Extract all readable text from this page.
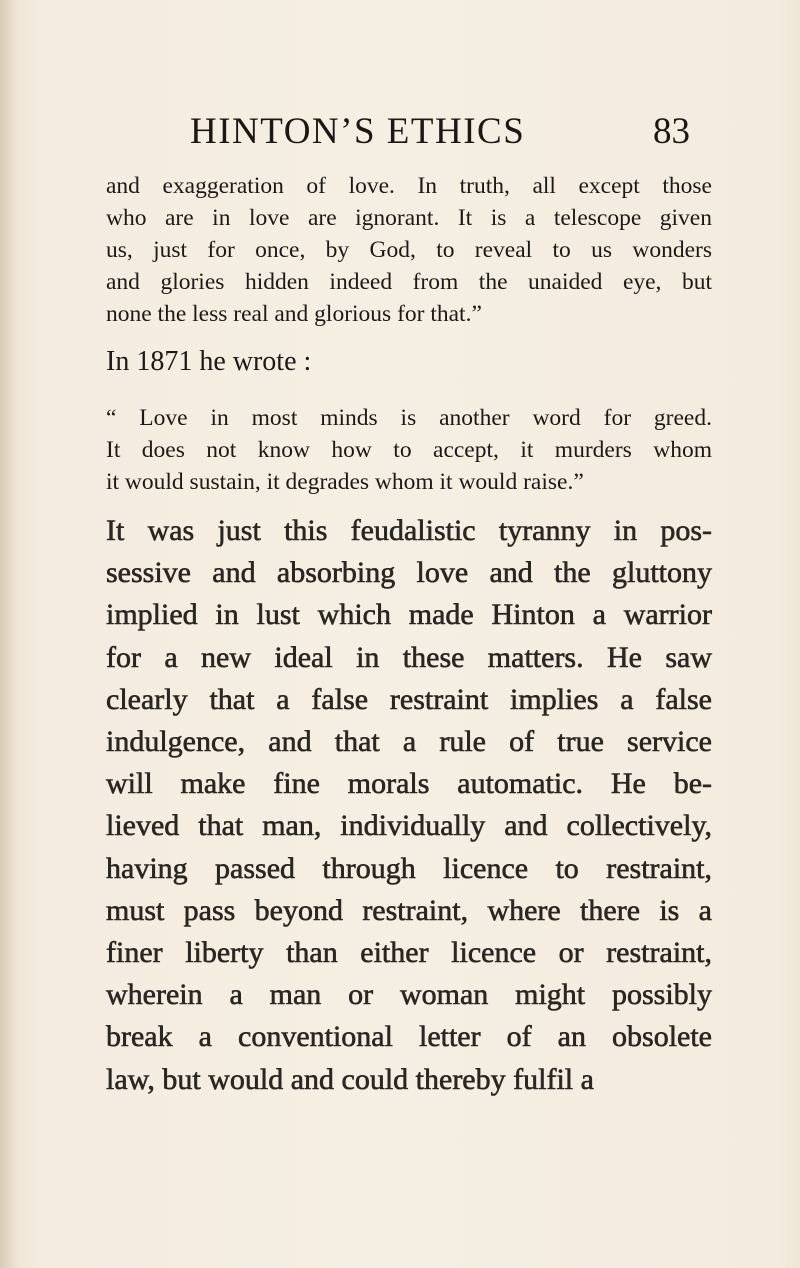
HINTON’S ETHICS	83
and exaggeration of love. In truth, all except those
who are in love are ignorant. It is a telescope given
us, just for once, by God, to reveal to us wonders
and glories hidden indeed from the unaided eye, but
none the less real and glorious for that.”
In 1871 he wrote :
“ Love in most minds is another word for greed.
It does not know how to accept, it murders whom
it would sustain, it degrades whom it would raise.”
It was just this feudalistic tyranny in pos-
sessive and absorbing love and the gluttony
implied in lust which made Hinton a warrior
for a new ideal in these matters. He saw
clearly that a false restraint implies a false
indulgence, and that a rule of true service
will make fine morals automatic. He be-
lieved that man, individually and collectively,
having passed through licence to restraint,
must pass beyond restraint, where there is a
finer liberty than either licence or restraint,
wherein a man or woman might possibly
break a conventional letter of an obsolete
law, but would and could thereby fulfil a
